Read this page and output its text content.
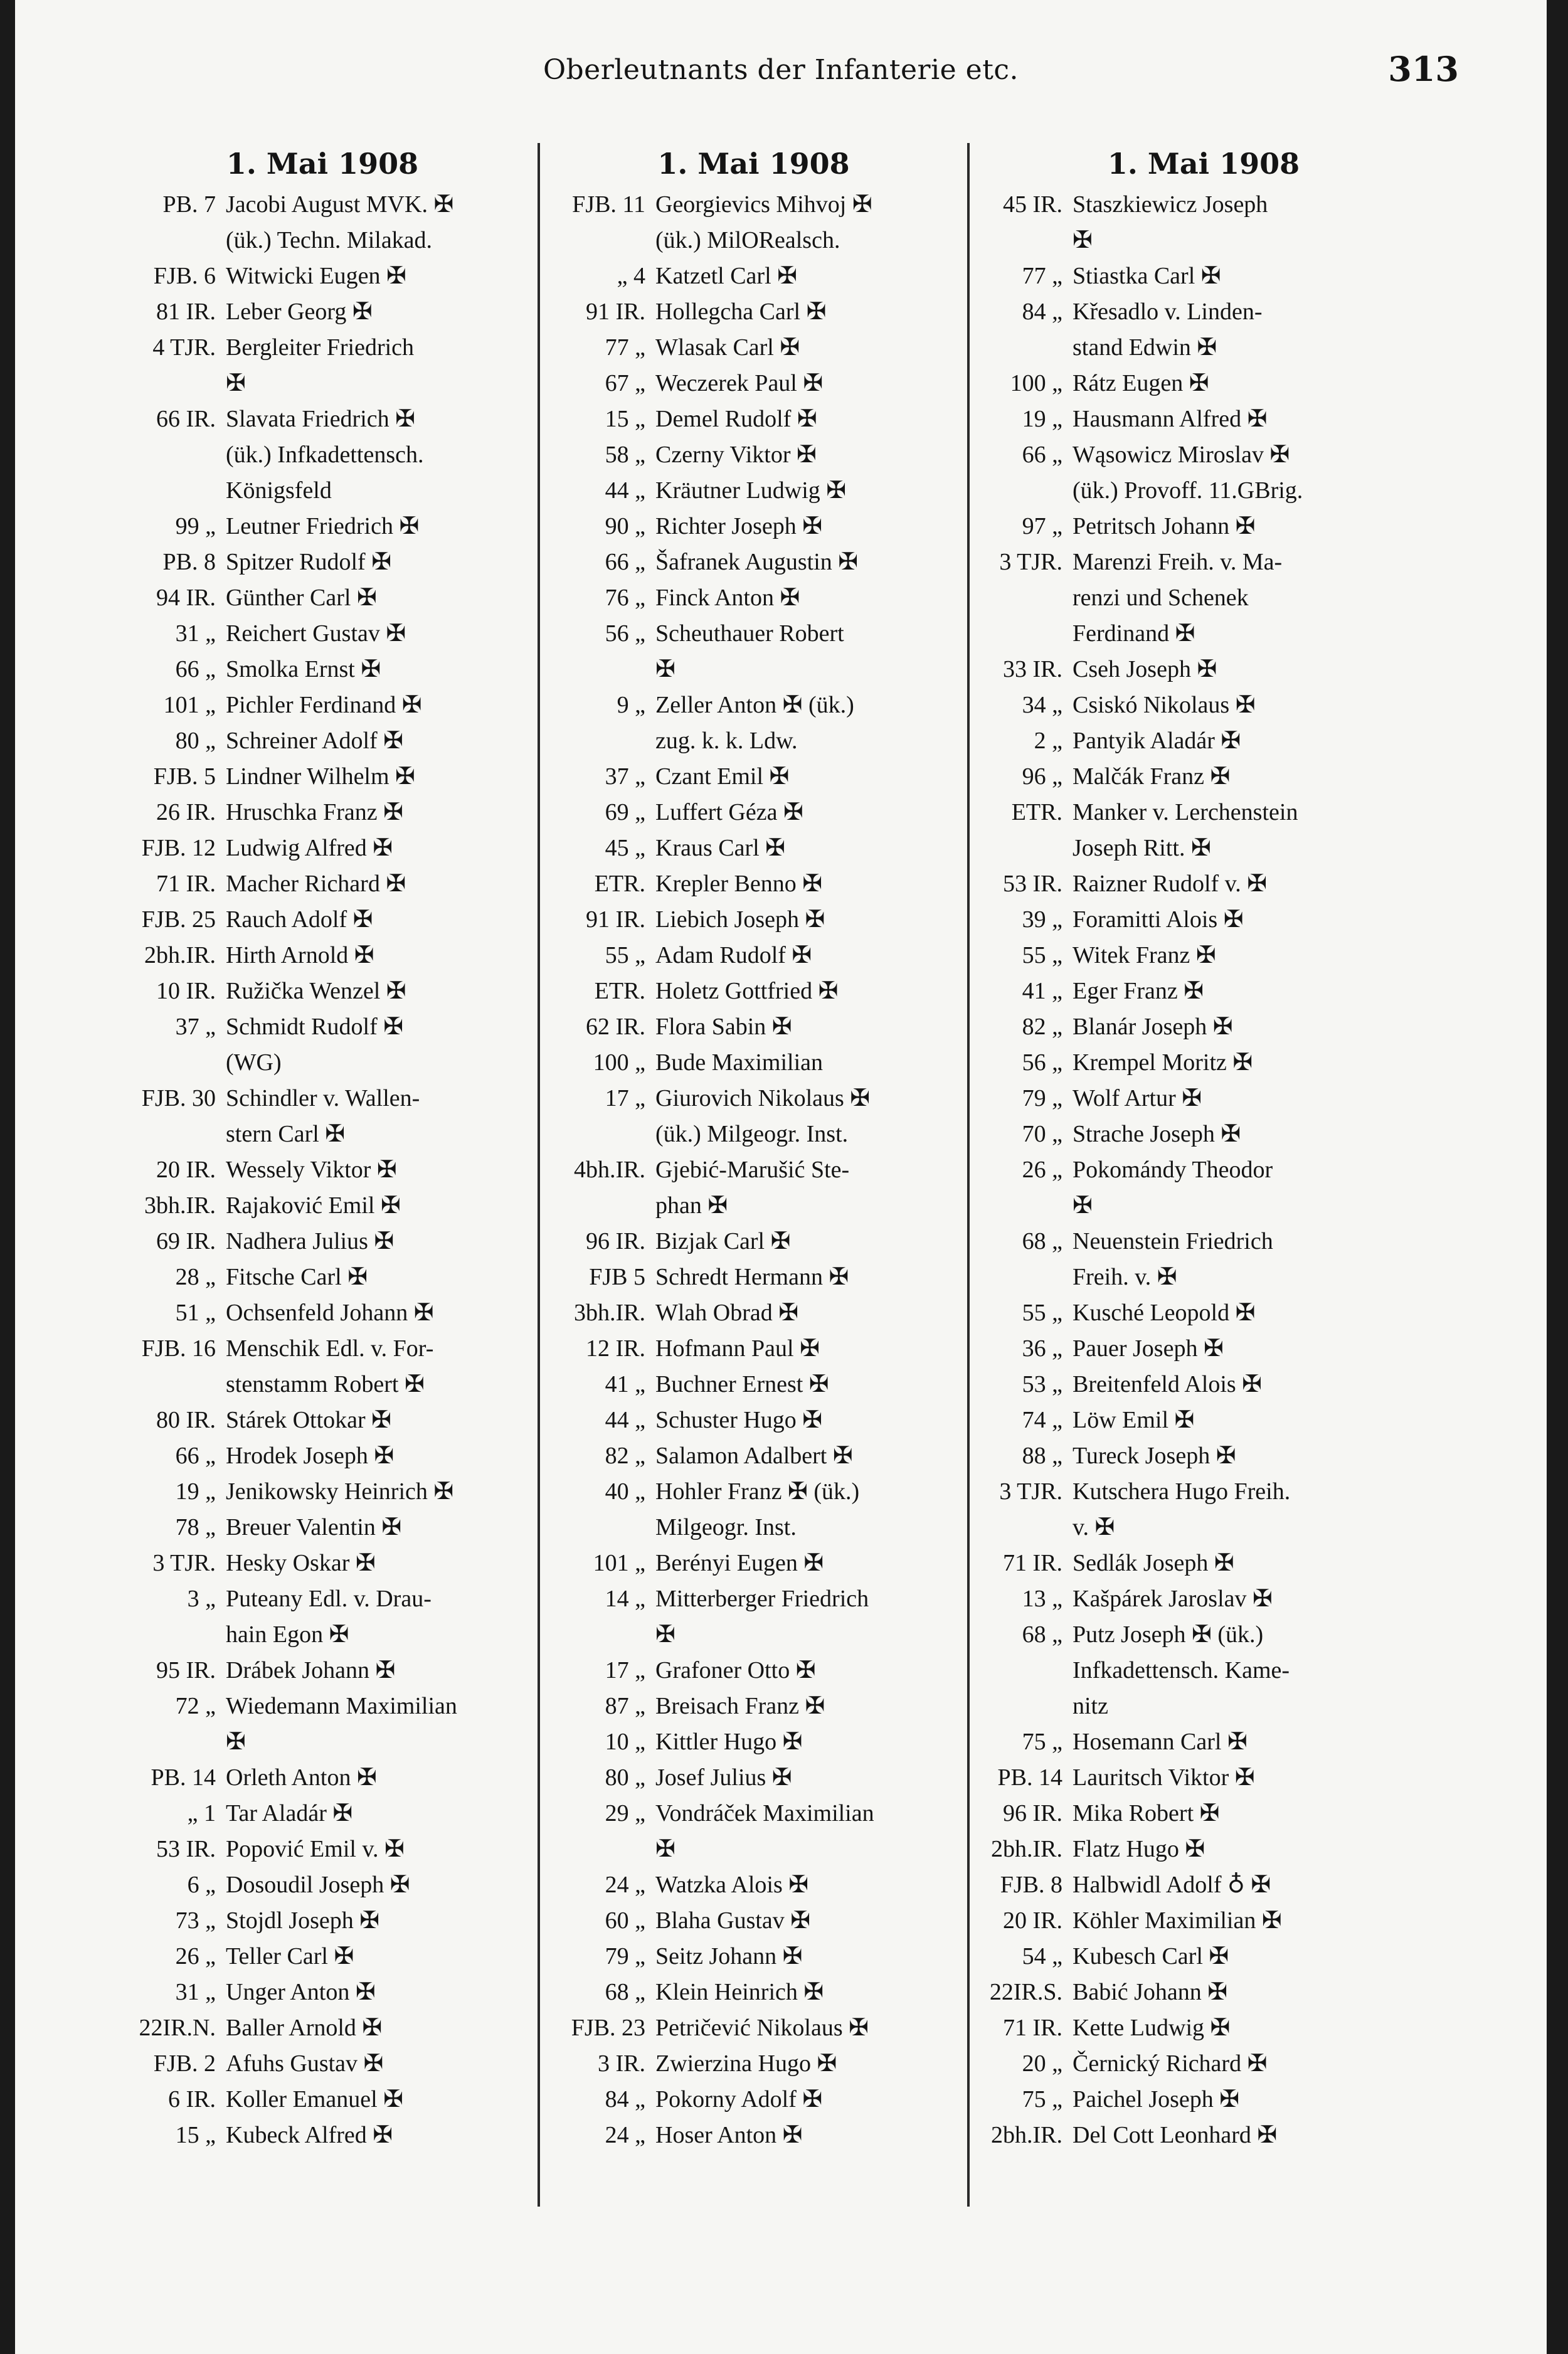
Oberleutnants der Infanterie etc.	313
1. Mai 1908
PB. 7 Jacobi August MVK. ✠
(ük.) Techn. Milakad.
FJB. 6 Witwicki Eugen ✠
81 IR. Leber Georg ✠
4 TJR. Bergleiter Friedrich
✠
66 IR. Slavata Friedrich ✠
(ük.) Infkadettensch.
Königsfeld
99 „ Leutner Friedrich ✠
PB. 8 Spitzer Rudolf ✠
94 IR. Günther Carl ✠
31 „ Reichert Gustav ✠
66 „ Smolka Ernst ✠
101 „ Pichler Ferdinand ✠
80 „ Schreiner Adolf ✠
FJB. 5 Lindner Wilhelm ✠
26 IR. Hruschka Franz ✠
FJB. 12 Ludwig Alfred ✠
71 IR. Macher Richard ✠
FJB. 25 Rauch Adolf ✠
2bh.IR. Hirth Arnold ✠
10 IR. Ružička Wenzel ✠
37 „ Schmidt Rudolf ✠
(WG)
FJB. 30 Schindler v. Wallen-
stern Carl ✠
20 IR. Wessely Viktor ✠
3bh.IR. Rajaković Emil ✠
69 IR. Nadhera Julius ✠
28 „ Fitsche Carl ✠
51 „ Ochsenfeld Johann ✠
FJB. 16 Menschik Edl. v. For-
stenstamm Robert ✠
80 IR. Stárek Ottokar ✠
66 „ Hrodek Joseph ✠
19 „ Jenikowsky Heinrich ✠
78 „ Breuer Valentin ✠
3 TJR. Hesky Oskar ✠
3 „ Puteany Edl. v. Drau-
hain Egon ✠
95 IR. Drábek Johann ✠
72 „ Wiedemann Maximilian
✠
PB. 14 Orleth Anton ✠
„ 1 Tar Aladár ✠
53 IR. Popović Emil v. ✠
6 „ Dosoudil Joseph ✠
73 „ Stojdl Joseph ✠
26 „ Teller Carl ✠
31 „ Unger Anton ✠
22IR.N. Baller Arnold ✠
FJB. 2 Afuhs Gustav ✠
6 IR. Koller Emanuel ✠
15 „ Kubeck Alfred ✠
1. Mai 1908
FJB. 11 Georgievics Mihvoj ✠
(ük.) MilORealsch.
„ 4 Katzetl Carl ✠
91 IR. Hollegcha Carl ✠
77 „ Wlasak Carl ✠
67 „ Weczerek Paul ✠
15 „ Demel Rudolf ✠
58 „ Czerny Viktor ✠
44 „ Kräutner Ludwig ✠
90 „ Richter Joseph ✠
66 „ Šafranek Augustin ✠
76 „ Finck Anton ✠
56 „ Scheuthauer Robert
✠
9 „ Zeller Anton ✠ (ük.)
zug. k. k. Ldw.
37 „ Czant Emil ✠
69 „ Luffert Géza ✠
45 „ Kraus Carl ✠
ETR. Krepler Benno ✠
91 IR. Liebich Joseph ✠
55 „ Adam Rudolf ✠
ETR. Holetz Gottfried ✠
62 IR. Flora Sabin ✠
100 „ Bude Maximilian
17 „ Giurovich Nikolaus ✠
(ük.) Milgeogr. Inst.
4bh.IR. Gjebić-Marušić Ste-
phan ✠
96 IR. Bizjak Carl ✠
FJB 5 Schredt Hermann ✠
3bh.IR. Wlah Obrad ✠
12 IR. Hofmann Paul ✠
41 „ Buchner Ernest ✠
44 „ Schuster Hugo ✠
82 „ Salamon Adalbert ✠
40 „ Hohler Franz ✠ (ük.)
Milgeogr. Inst.
101 „ Berényi Eugen ✠
14 „ Mitterberger Friedrich
✠
17 „ Grafoner Otto ✠
87 „ Breisach Franz ✠
10 „ Kittler Hugo ✠
80 „ Josef Julius ✠
29 „ Vondráček Maximilian
✠
24 „ Watzka Alois ✠
60 „ Blaha Gustav ✠
79 „ Seitz Johann ✠
68 „ Klein Heinrich ✠
FJB. 23 Petričević Nikolaus ✠
3 IR. Zwierzina Hugo ✠
84 „ Pokorny Adolf ✠
24 „ Hoser Anton ✠
1. Mai 1908
45 IR. Staszkiewicz Joseph
✠
77 „ Stiastka Carl ✠
84 „ Křesadlo v. Linden-
stand Edwin ✠
100 „ Rátz Eugen ✠
19 „ Hausmann Alfred ✠
66 „ Wąsowicz Miroslav ✠
(ük.) Provoff. 11.GBrig.
97 „ Petritsch Johann ✠
3 TJR. Marenzi Freih. v. Ma-
renzi und Schenek
Ferdinand ✠
33 IR. Cseh Joseph ✠
34 „ Csiskó Nikolaus ✠
2 „ Pantyik Aladár ✠
96 „ Malčák Franz ✠
ETR. Manker v. Lerchenstein
Joseph Ritt. ✠
53 IR. Raizner Rudolf v. ✠
39 „ Foramitti Alois ✠
55 „ Witek Franz ✠
41 „ Eger Franz ✠
82 „ Blanár Joseph ✠
56 „ Krempel Moritz ✠
79 „ Wolf Artur ✠
70 „ Strache Joseph ✠
26 „ Pokomándy Theodor
✠
68 „ Neuenstein Friedrich
Freih. v. ✠
55 „ Kusché Leopold ✠
36 „ Pauer Joseph ✠
53 „ Breitenfeld Alois ✠
74 „ Löw Emil ✠
88 „ Tureck Joseph ✠
3 TJR. Kutschera Hugo Freih.
v. ✠
71 IR. Sedlák Joseph ✠
13 „ Kašpárek Jaroslav ✠
68 „ Putz Joseph ✠ (ük.)
Infkadettensch. Kame-
nitz
75 „ Hosemann Carl ✠
PB. 14 Lauritsch Viktor ✠
96 IR. Mika Robert ✠
2bh.IR. Flatz Hugo ✠
FJB. 8 Halbwidl Adolf ♁ ✠
20 IR. Köhler Maximilian ✠
54 „ Kubesch Carl ✠
22IR.S. Babić Johann ✠
71 IR. Kette Ludwig ✠
20 „ Černický Richard ✠
75 „ Paichel Joseph ✠
2bh.IR. Del Cott Leonhard ✠
